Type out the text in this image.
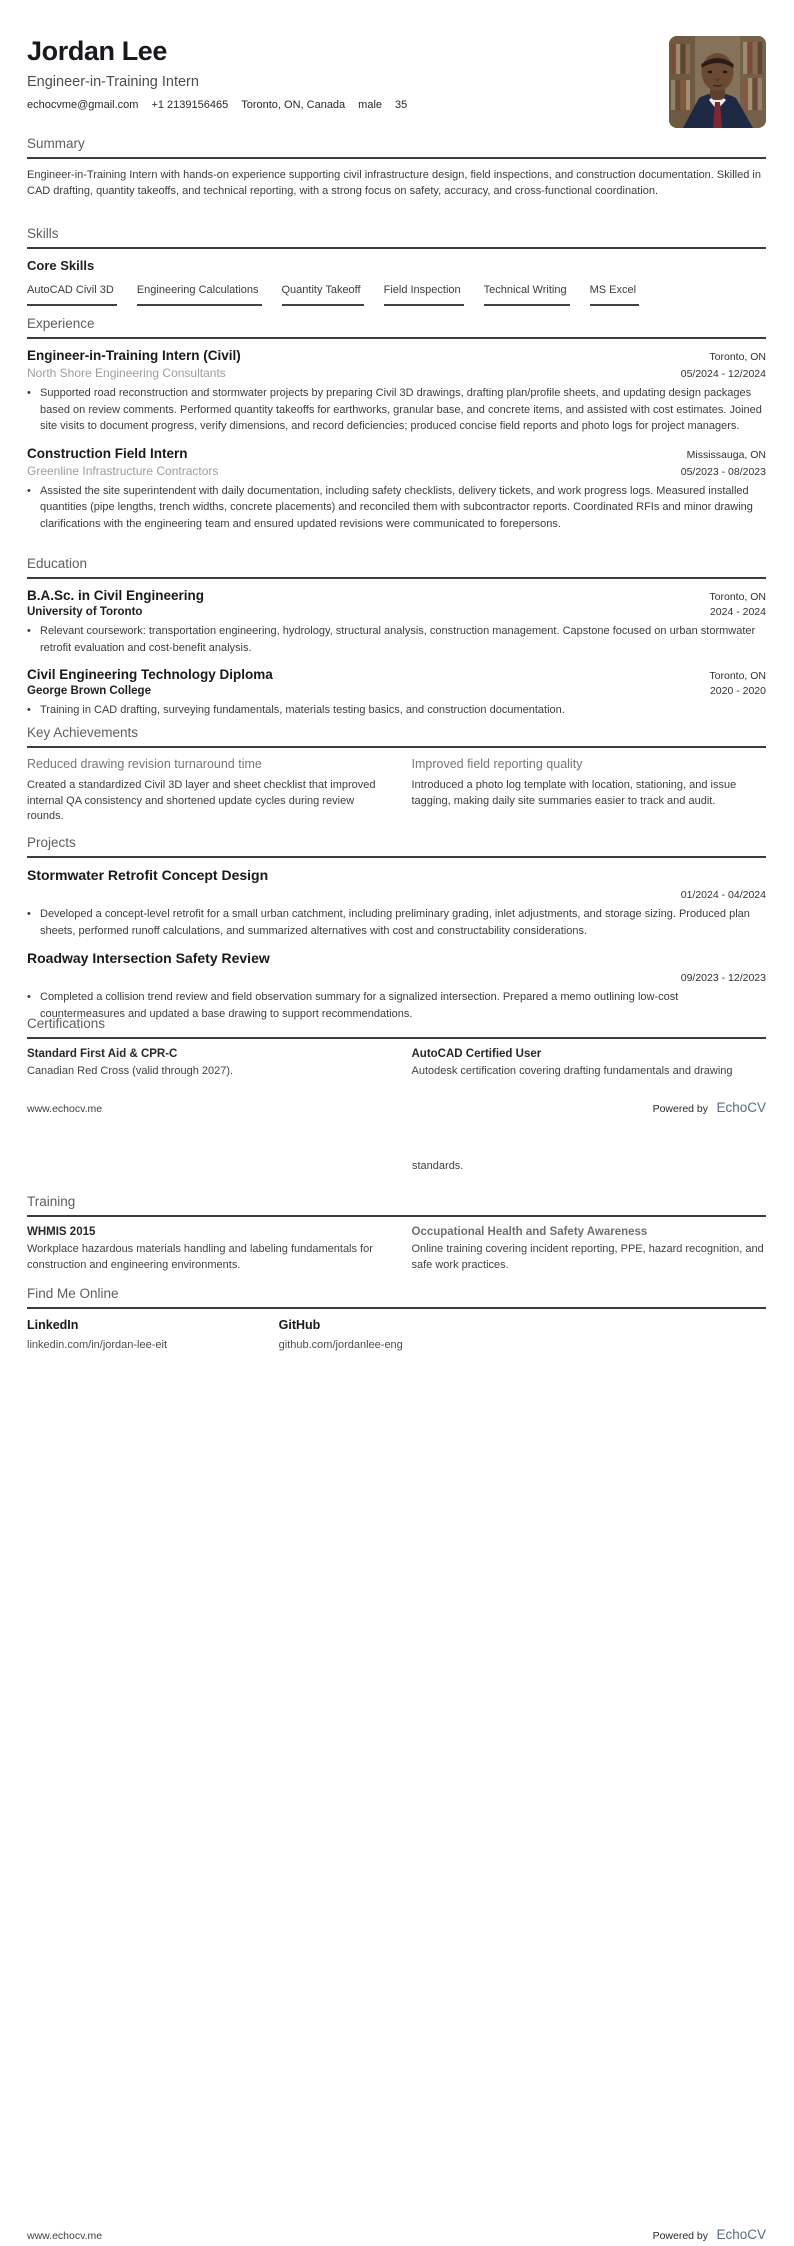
Jordan Lee
Engineer-in-Training Intern
echocvme@gmail.com +1 2139156465 Toronto, ON, Canada male 35
Summary
Engineer-in-Training Intern with hands-on experience supporting civil infrastructure design, field inspections, and construction documentation. Skilled in CAD drafting, quantity takeoffs, and technical reporting, with a strong focus on safety, accuracy, and cross-functional coordination.
Skills
Core Skills
AutoCAD Civil 3D Engineering Calculations Quantity Takeoff Field Inspection Technical Writing MS Excel
Experience
Engineer-in-Training Intern (Civil)	Toronto, ON
North Shore Engineering Consultants	05/2024 - 12/2024
• Supported road reconstruction and stormwater projects by preparing Civil 3D drawings, drafting plan/profile sheets, and updating design packages based on review comments. Performed quantity takeoffs for earthworks, granular base, and concrete items, and assisted with cost estimates. Joined site visits to document progress, verify dimensions, and record deficiencies; produced concise field reports and photo logs for project managers.
Construction Field Intern	Mississauga, ON
Greenline Infrastructure Contractors	05/2023 - 08/2023
• Assisted the site superintendent with daily documentation, including safety checklists, delivery tickets, and work progress logs. Measured installed quantities (pipe lengths, trench widths, concrete placements) and reconciled them with subcontractor reports. Coordinated RFIs and minor drawing clarifications with the engineering team and ensured updated revisions were communicated to forepersons.
Education
B.A.Sc. in Civil Engineering	Toronto, ON
University of Toronto	2024 - 2024
• Relevant coursework: transportation engineering, hydrology, structural analysis, construction management. Capstone focused on urban stormwater retrofit evaluation and cost-benefit analysis.
Civil Engineering Technology Diploma	Toronto, ON
George Brown College	2020 - 2020
• Training in CAD drafting, surveying fundamentals, materials testing basics, and construction documentation.
Key Achievements
Reduced drawing revision turnaround time
Created a standardized Civil 3D layer and sheet checklist that improved internal QA consistency and shortened update cycles during review rounds.
Improved field reporting quality
Introduced a photo log template with location, stationing, and issue tagging, making daily site summaries easier to track and audit.
Projects
Stormwater Retrofit Concept Design
01/2024 - 04/2024
• Developed a concept-level retrofit for a small urban catchment, including preliminary grading, inlet adjustments, and storage sizing. Produced plan sheets, performed runoff calculations, and summarized alternatives with cost and constructability considerations.
Roadway Intersection Safety Review
09/2023 - 12/2023
• Completed a collision trend review and field observation summary for a signalized intersection. Prepared a memo outlining low-cost countermeasures and updated a base drawing to support recommendations.
Certifications
Standard First Aid & CPR-C
Canadian Red Cross (valid through 2027).
AutoCAD Certified User
Autodesk certification covering drafting fundamentals and drawing
www.echocv.me	Powered by EchoCV
standards.
Training
WHMIS 2015
Workplace hazardous materials handling and labeling fundamentals for construction and engineering environments.
Occupational Health and Safety Awareness
Online training covering incident reporting, PPE, hazard recognition, and safe work practices.
Find Me Online
LinkedIn
linkedin.com/in/jordan-lee-eit
GitHub
github.com/jordanlee-eng
www.echocv.me	Powered by EchoCV
